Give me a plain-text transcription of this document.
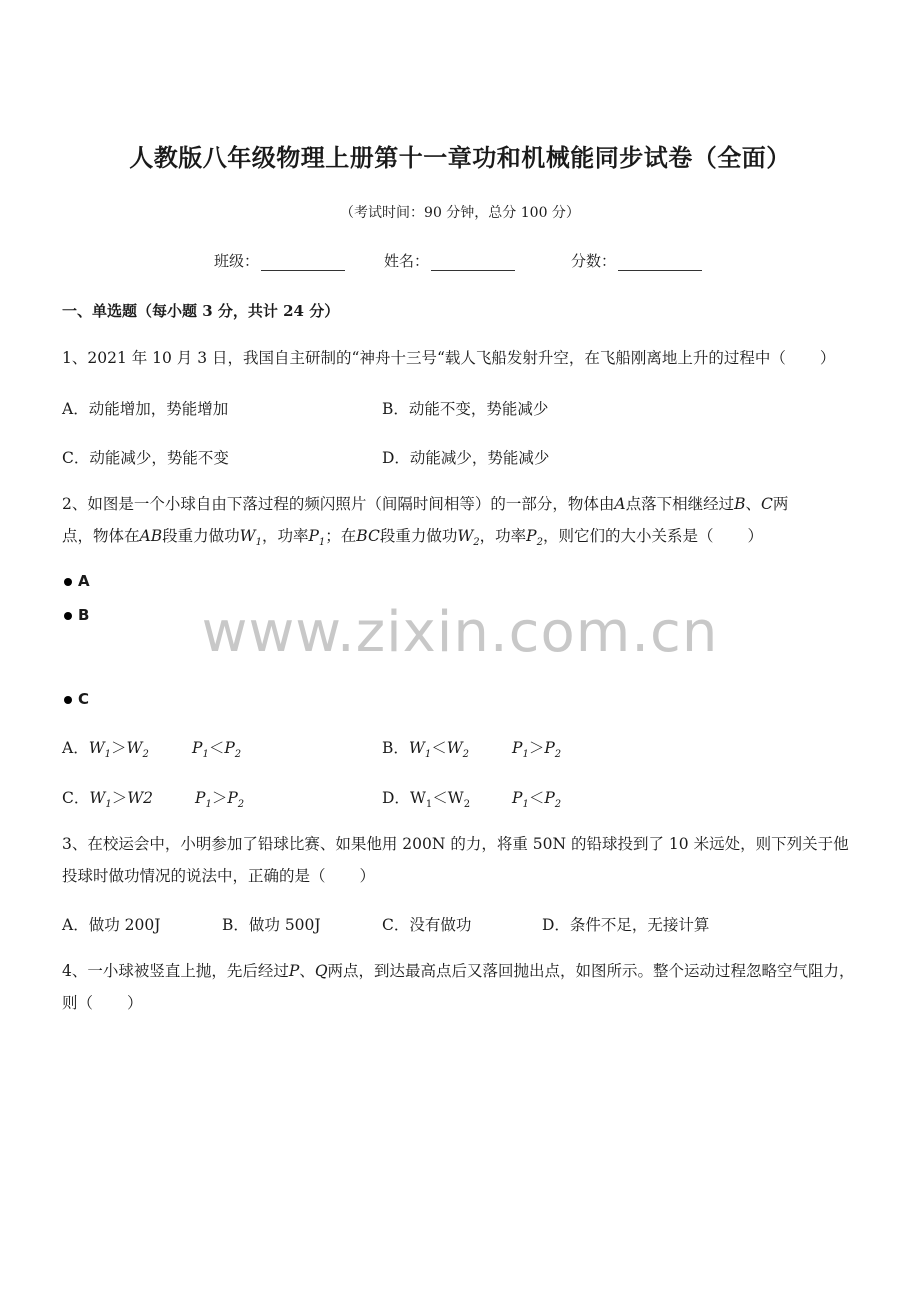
人教版八年级物理上册第十一章功和机械能同步试卷（全面）
（考试时间：90 分钟，总分 100 分）
班级：	姓名：	分数：
一、单选题（每小题 3 分，共计 24 分）
1、2021 年 10 月 3 日，我国自主研制的“神舟十三号“载人飞船发射升空，在飞船刚离地上升的过程中（ ）
A．动能增加，势能增加	B．动能不变，势能减少
C．动能减少，势能不变	D．动能减少，势能减少
2、如图是一个小球自由下落过程的频闪照片（间隔时间相等）的一部分，物体由A点落下相继经过B、C两
点，物体在AB段重力做功$W_1$，功率$P_1$；在BC段重力做功$W_2$，功率$P_2$，则它们的大小关系是（ ）
A
B
C
www.zixin.com.cn
A．$W_1>W_2$	$P_1<P_2$	B．$W_1<W_2$	$P_1>P_2$
C．$W_1>W2$	$P_1>P_2$	D．$W_1<W_2$	$P_1<P_2$
3、在校运会中，小明参加了铅球比赛、如果他用 200N 的力，将重 50N 的铅球投到了 10 米远处，则下列关于他投球时做功情况的说法中，正确的是（ ）
A．做功 200J	B．做功 500J	C．没有做功	D．条件不足，无接计算
4、一小球被竖直上抛，先后经过P、Q两点，到达最高点后又落回抛出点，如图所示。整个运动过程忽略空气阻力，则（ ）
